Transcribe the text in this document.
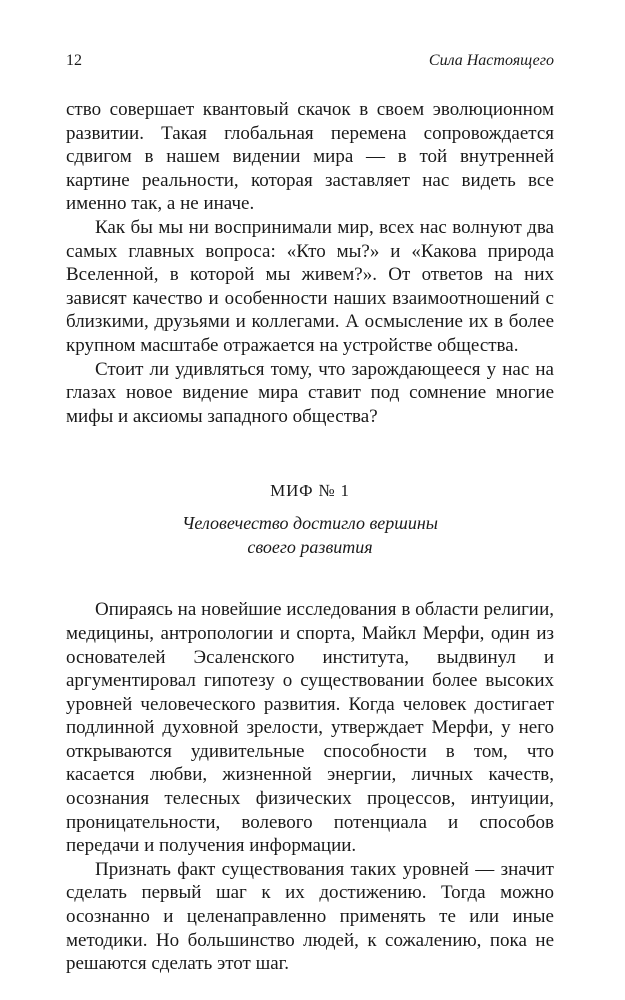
12	Сила Настоящего

ство совершает квантовый скачок в своем эволюционном развитии. Такая глобальная перемена сопровождается сдвигом в нашем видении мира — в той внутренней картине реальности, которая заставляет нас видеть все именно так, а не иначе.

Как бы мы ни воспринимали мир, всех нас волнуют два самых главных вопроса: «Кто мы?» и «Какова природа Вселенной, в которой мы живем?». От ответов на них зависят качество и особенности наших взаимоотношений с близкими, друзьями и коллегами. А осмысление их в более крупном масштабе отражается на устройстве общества.

Стоит ли удивляться тому, что зарождающееся у нас на глазах новое видение мира ставит под сомнение многие мифы и аксиомы западного общества?

МИФ № 1
Человечество достигло вершины
своего развития

Опираясь на новейшие исследования в области религии, медицины, антропологии и спорта, Майкл Мерфи, один из основателей Эсаленского института, выдвинул и аргументировал гипотезу о существовании более высоких уровней человеческого развития. Когда человек достигает подлинной духовной зрелости, утверждает Мерфи, у него открываются удивительные способности в том, что касается любви, жизненной энергии, личных качеств, осознания телесных физических процессов, интуиции, проницательности, волевого потенциала и способов передачи и получения информации.

Признать факт существования таких уровней — значит сделать первый шаг к их достижению. Тогда можно осознанно и целенаправленно применять те или иные методики. Но большинство людей, к сожалению, пока не решаются сделать этот шаг.
